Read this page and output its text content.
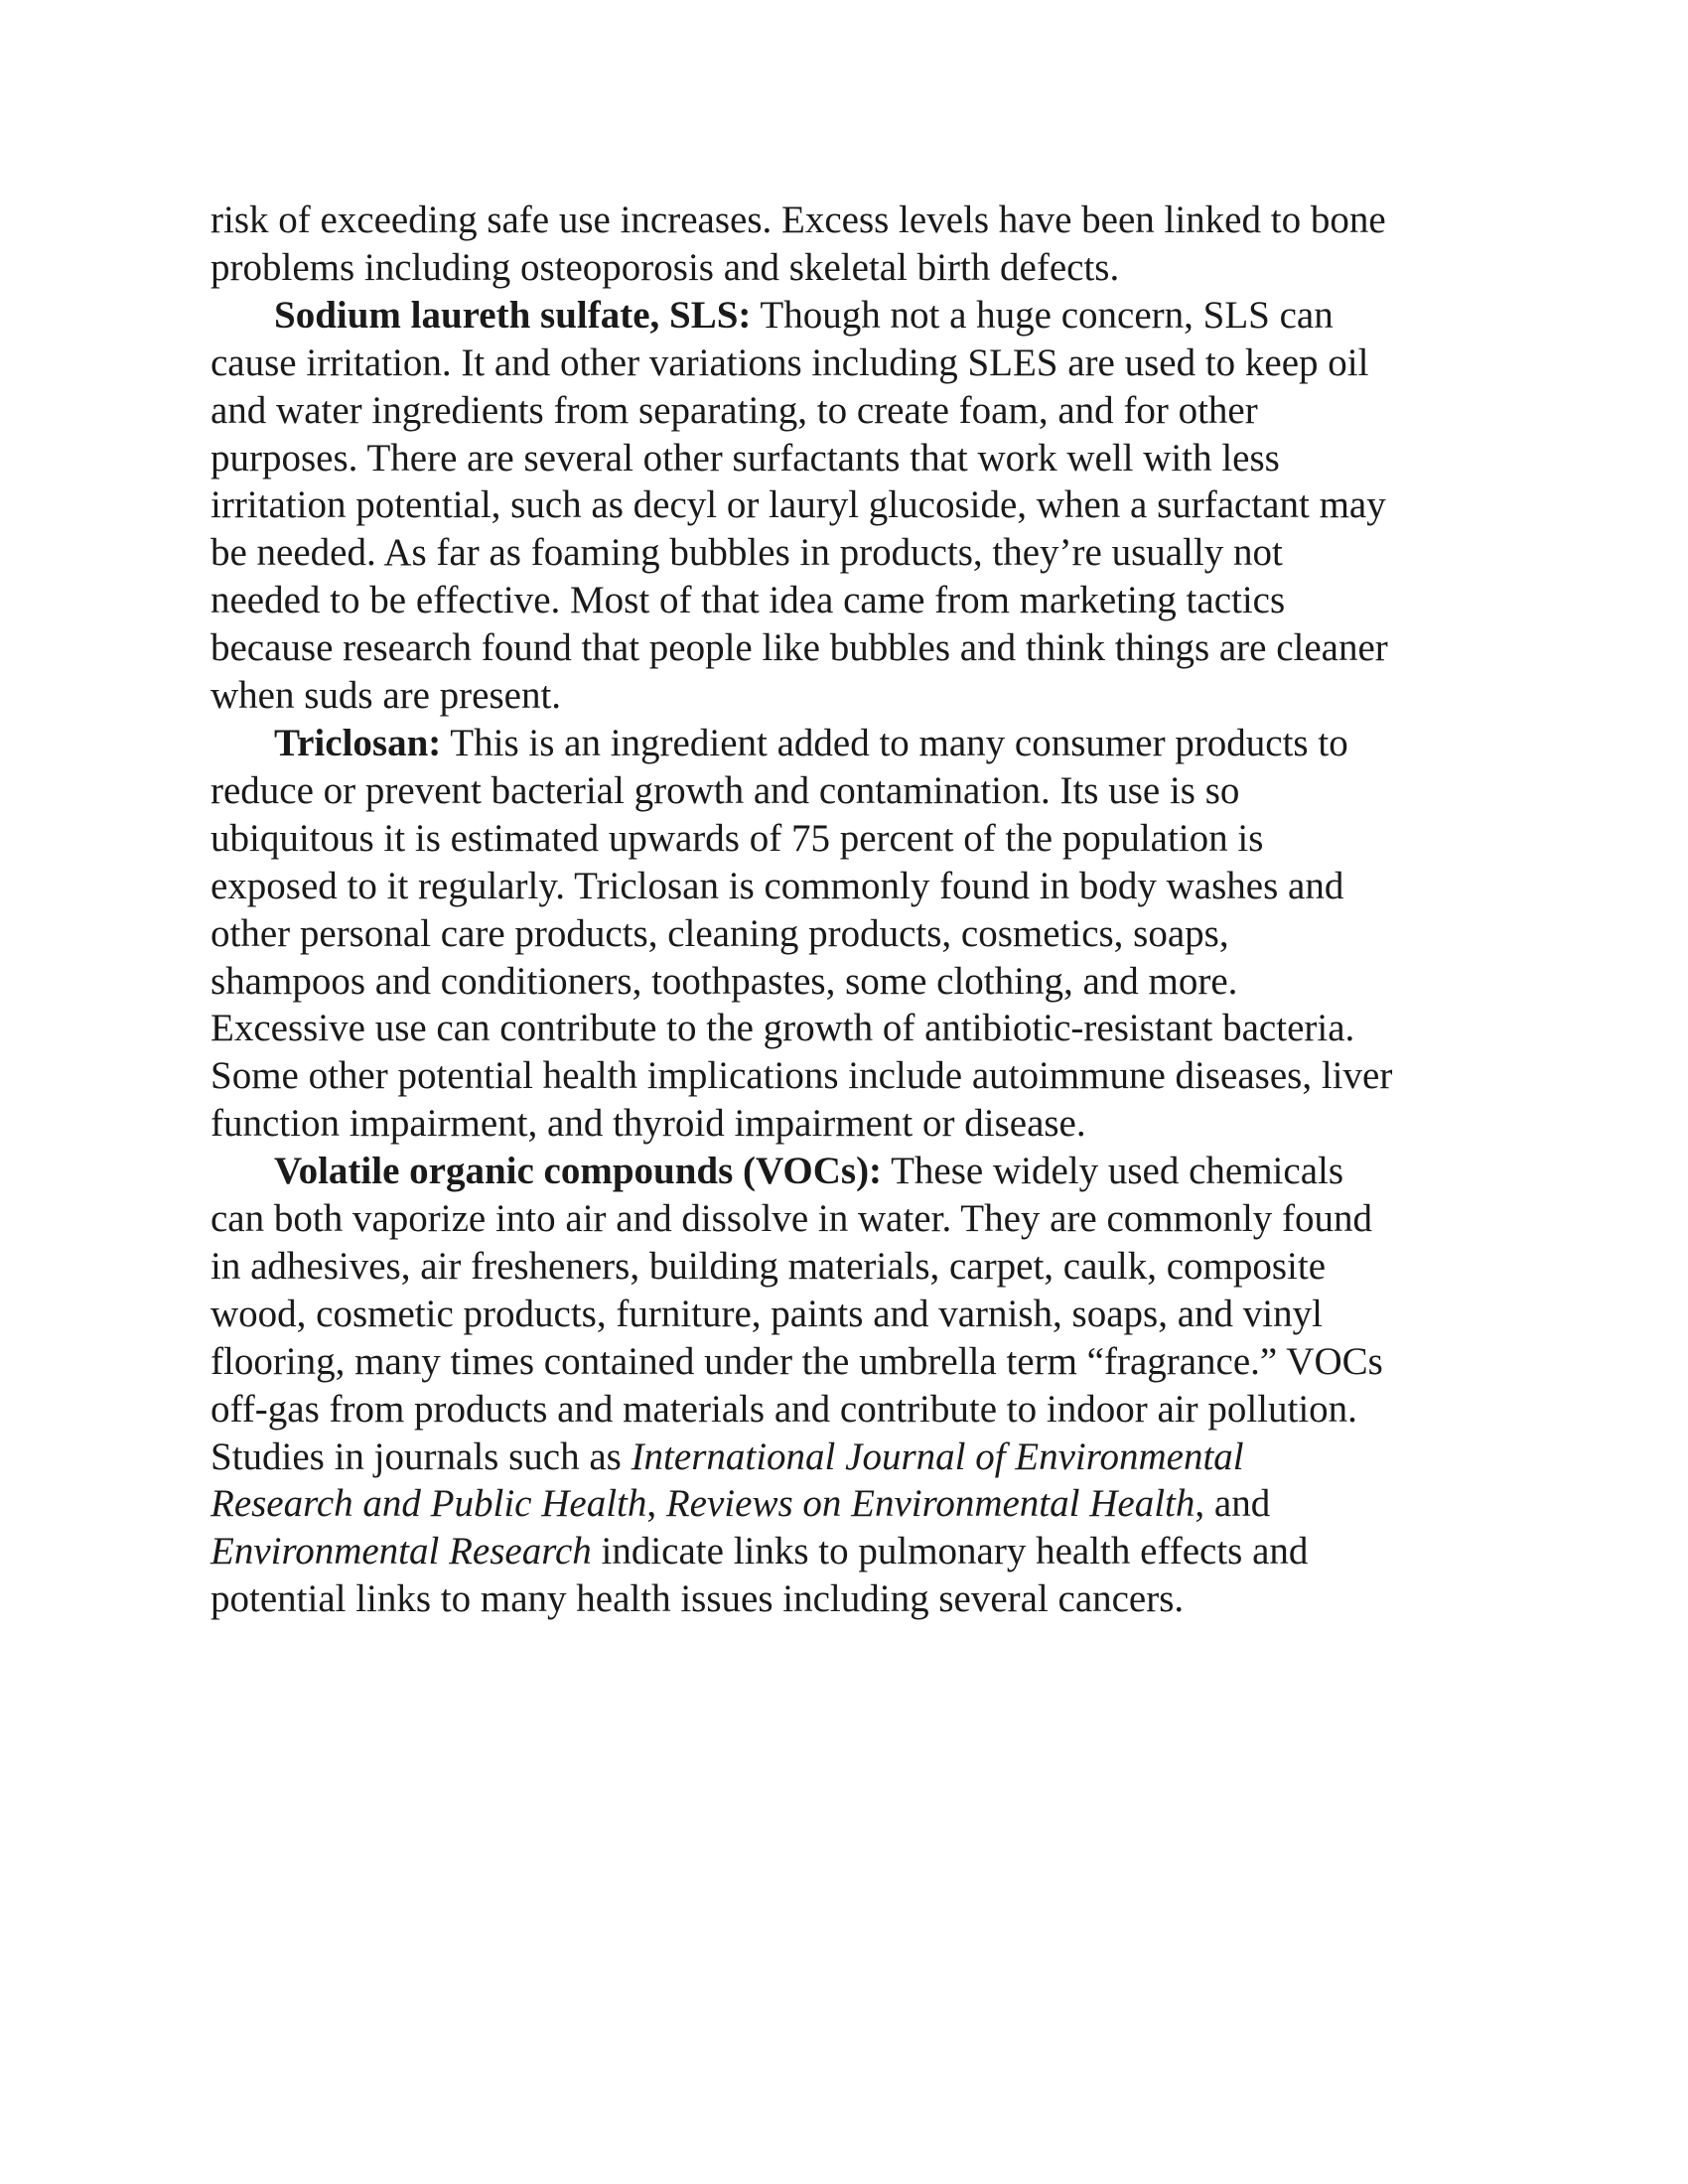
risk of exceeding safe use increases. Excess levels have been linked to bone
problems including osteoporosis and skeletal birth defects.

Sodium laureth sulfate, SLS: Though not a huge concern, SLS can
cause irritation. It and other variations including SLES are used to keep oil
and water ingredients from separating, to create foam, and for other
purposes. There are several other surfactants that work well with less
irritation potential, such as decyl or lauryl glucoside, when a surfactant may
be needed. As far as foaming bubbles in products, they’re usually not
needed to be effective. Most of that idea came from marketing tactics
because research found that people like bubbles and think things are cleaner
when suds are present.

Triclosan: This is an ingredient added to many consumer products to
reduce or prevent bacterial growth and contamination. Its use is so
ubiquitous it is estimated upwards of 75 percent of the population is
exposed to it regularly. Triclosan is commonly found in body washes and
other personal care products, cleaning products, cosmetics, soaps,
shampoos and conditioners, toothpastes, some clothing, and more.
Excessive use can contribute to the growth of antibiotic-resistant bacteria.
Some other potential health implications include autoimmune diseases, liver
function impairment, and thyroid impairment or disease.

Volatile organic compounds (VOCs): These widely used chemicals
can both vaporize into air and dissolve in water. They are commonly found
in adhesives, air fresheners, building materials, carpet, caulk, composite
wood, cosmetic products, furniture, paints and varnish, soaps, and vinyl
flooring, many times contained under the umbrella term “fragrance.” VOCs
off-gas from products and materials and contribute to indoor air pollution.
Studies in journals such as International Journal of Environmental
Research and Public Health, Reviews on Environmental Health, and
Environmental Research indicate links to pulmonary health effects and
potential links to many health issues including several cancers.
